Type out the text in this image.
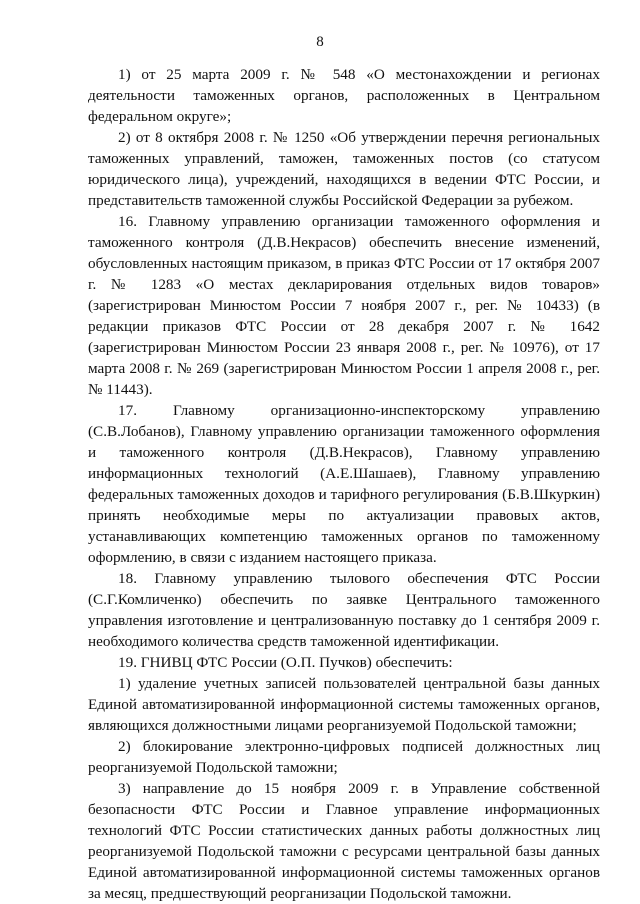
8

1) от 25 марта 2009 г. № 548 «О местонахождении и регионах деятельности таможенных органов, расположенных в Центральном федеральном округе»;

2) от 8 октября 2008 г. № 1250 «Об утверждении перечня региональных таможенных управлений, таможен, таможенных постов (со статусом юридического лица), учреждений, находящихся в ведении ФТС России, и представительств таможенной службы Российской Федерации за рубежом.

16. Главному управлению организации таможенного оформления и таможенного контроля (Д.В.Некрасов) обеспечить внесение изменений, обусловленных настоящим приказом, в приказ ФТС России от 17 октября 2007 г. № 1283 «О местах декларирования отдельных видов товаров» (зарегистрирован Минюстом России 7 ноября 2007 г., рег. № 10433) (в редакции приказов ФТС России от 28 декабря 2007 г. № 1642 (зарегистрирован Минюстом России 23 января 2008 г., рег. № 10976), от 17 марта 2008 г. № 269 (зарегистрирован Минюстом России 1 апреля 2008 г., рег. № 11443).

17. Главному организационно-инспекторскому управлению (С.В.Лобанов), Главному управлению организации таможенного оформления и таможенного контроля (Д.В.Некрасов), Главному управлению информационных технологий (А.Е.Шашаев), Главному управлению федеральных таможенных доходов и тарифного регулирования (Б.В.Шкуркин) принять необходимые меры по актуализации правовых актов, устанавливающих компетенцию таможенных органов по таможенному оформлению, в связи с изданием настоящего приказа.

18. Главному управлению тылового обеспечения ФТС России (С.Г.Комличенко) обеспечить по заявке Центрального таможенного управления изготовление и централизованную поставку до 1 сентября 2009 г. необходимого количества средств таможенной идентификации.

19. ГНИВЦ ФТС России (О.П. Пучков) обеспечить:

1) удаление учетных записей пользователей центральной базы данных Единой автоматизированной информационной системы таможенных органов, являющихся должностными лицами реорганизуемой Подольской таможни;

2) блокирование электронно-цифровых подписей должностных лиц реорганизуемой Подольской таможни;

3) направление до 15 ноября 2009 г. в Управление собственной безопасности ФТС России и Главное управление информационных технологий ФТС России статистических данных работы должностных лиц реорганизуемой Подольской таможни с ресурсами центральной базы данных Единой автоматизированной информационной системы таможенных органов за месяц, предшествующий реорганизации Подольской таможни.
